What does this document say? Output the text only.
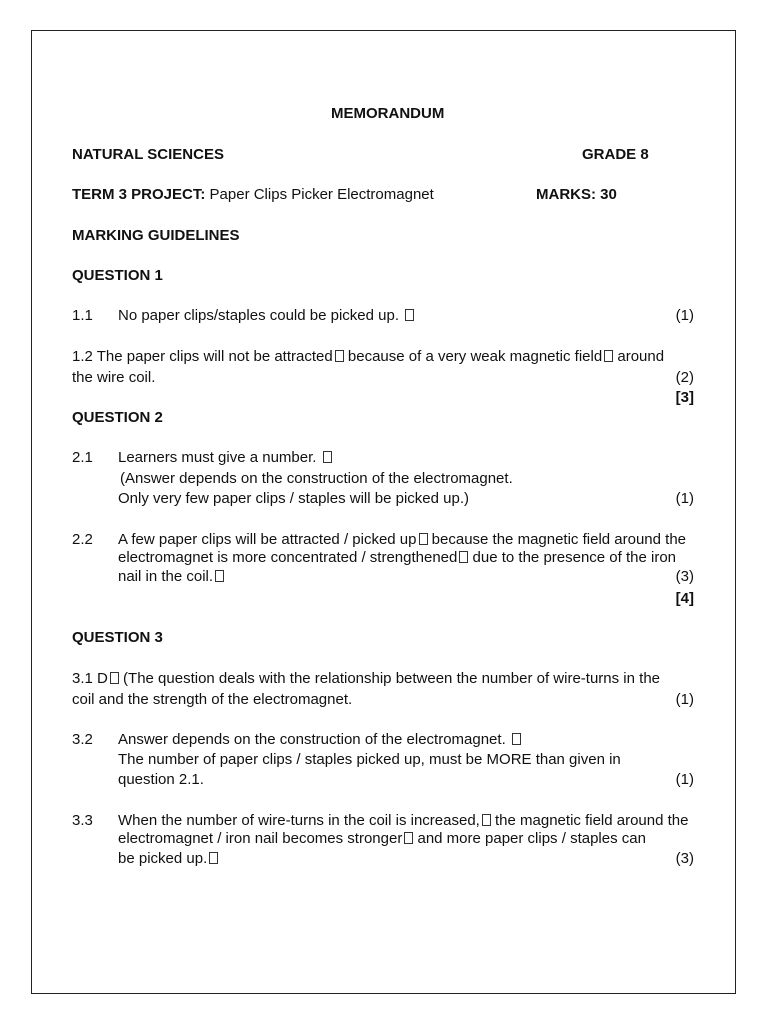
MEMORANDUM
NATURAL SCIENCES	GRADE 8
TERM 3 PROJECT: Paper Clips Picker Electromagnet	MARKS: 30
MARKING GUIDELINES
QUESTION 1
1.1 No paper clips/staples could be picked up.	(1)
1.2 The paper clips will not be attracted because of a very weak magnetic field around
the wire coil.	(2)
[3]
QUESTION 2
2.1 Learners must give a number.
(Answer depends on the construction of the electromagnet.
Only very few paper clips / staples will be picked up.)	(1)
2.2 A few paper clips will be attracted / picked up because the magnetic field around the
electromagnet is more concentrated / strengthened due to the presence of the iron
nail in the coil.	(3)
[4]
QUESTION 3
3.1 D (The question deals with the relationship between the number of wire-turns in the
coil and the strength of the electromagnet.	(1)
3.2 Answer depends on the construction of the electromagnet.
The number of paper clips / staples picked up, must be MORE than given in
question 2.1.	(1)
3.3 When the number of wire-turns in the coil is increased, the magnetic field around the
electromagnet / iron nail becomes stronger and more paper clips / staples can
be picked up.	(3)
